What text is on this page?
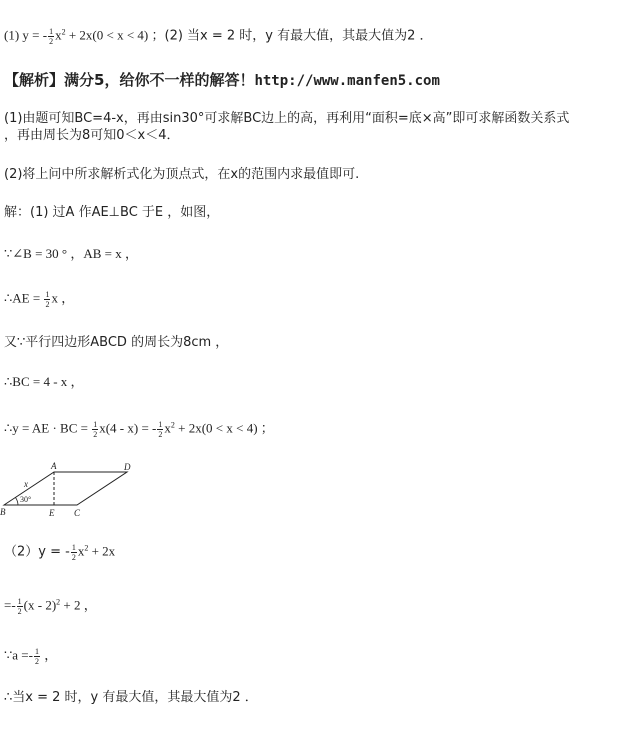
(1) y = - $\frac{1}{2} x^2 + 2x(0 < x < 4)$ ；(2) 当x = 2 时，y 有最大值，其最大值为2 ．
【解析】满分5，给你不一样的解答！http://www.manfen5.com
(1)由题可知BC=4-x，再由sin30°可求解BC边上的高，再利用“面积=底×高”即可求解函数关系式
，再由周长为8可知0＜x＜4．
(2)将上问中所求解析式化为顶点式，在x的范围内求最值即可.
解：(1) 过A 作AE⊥BC 于E ，如图，
∵∠B = 30 ° ，AB = x ，
∴AE = $\frac{1}{2}$ x ，
又∵平行四边形ABCD 的周长为8cm ，
∴BC = 4 - x ，
∴y = AE · BC = $\frac{1}{2} x(4 - x)$ = - $\frac{1}{2} x^2 + 2x(0 < x < 4)$ ；
A	D
B	E C
x
30°
（2）y = - $\frac{1}{2} x^2 + 2x$
=- $\frac{1}{2} (x - 2)^2 + 2$ ，
∵a =- $\frac{1}{2}$ ，
∴当x = 2 时，y 有最大值，其最大值为2 ．
